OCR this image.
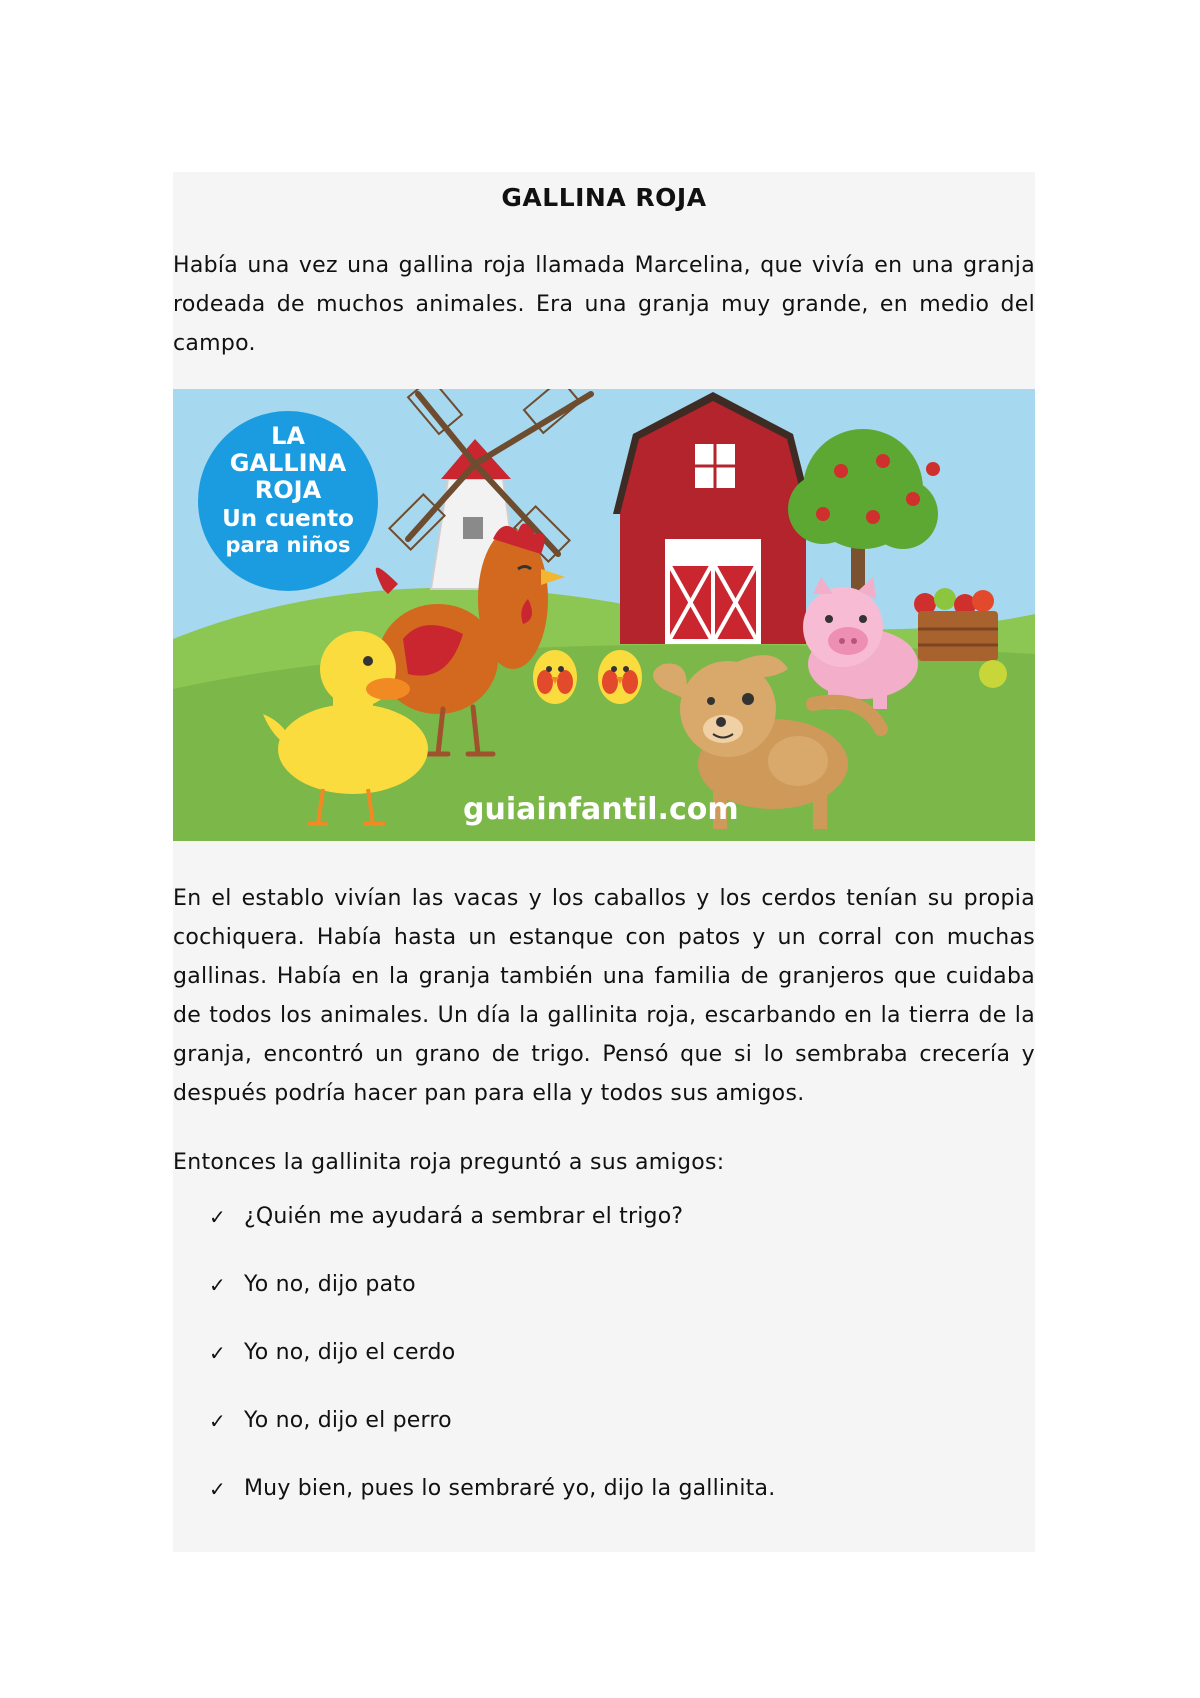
GALLINA ROJA

Había una vez una gallina roja llamada Marcelina, que vivía en una granja rodeada de muchos animales. Era una granja muy grande, en medio del campo.

LA
GALLINA
ROJA
Un cuento
para niños
guiainfantil.com

En el establo vivían las vacas y los caballos y los cerdos tenían su propia cochiquera. Había hasta un estanque con patos y un corral con muchas gallinas. Había en la granja también una familia de granjeros que cuidaba de todos los animales. Un día la gallinita roja, escarbando en la tierra de la granja, encontró un grano de trigo. Pensó que si lo sembraba crecería y después podría hacer pan para ella y todos sus amigos.

Entonces la gallinita roja preguntó a sus amigos:

✓ ¿Quién me ayudará a sembrar el trigo?
✓ Yo no, dijo pato
✓ Yo no, dijo el cerdo
✓ Yo no, dijo el perro
✓ Muy bien, pues lo sembraré yo, dijo la gallinita.
